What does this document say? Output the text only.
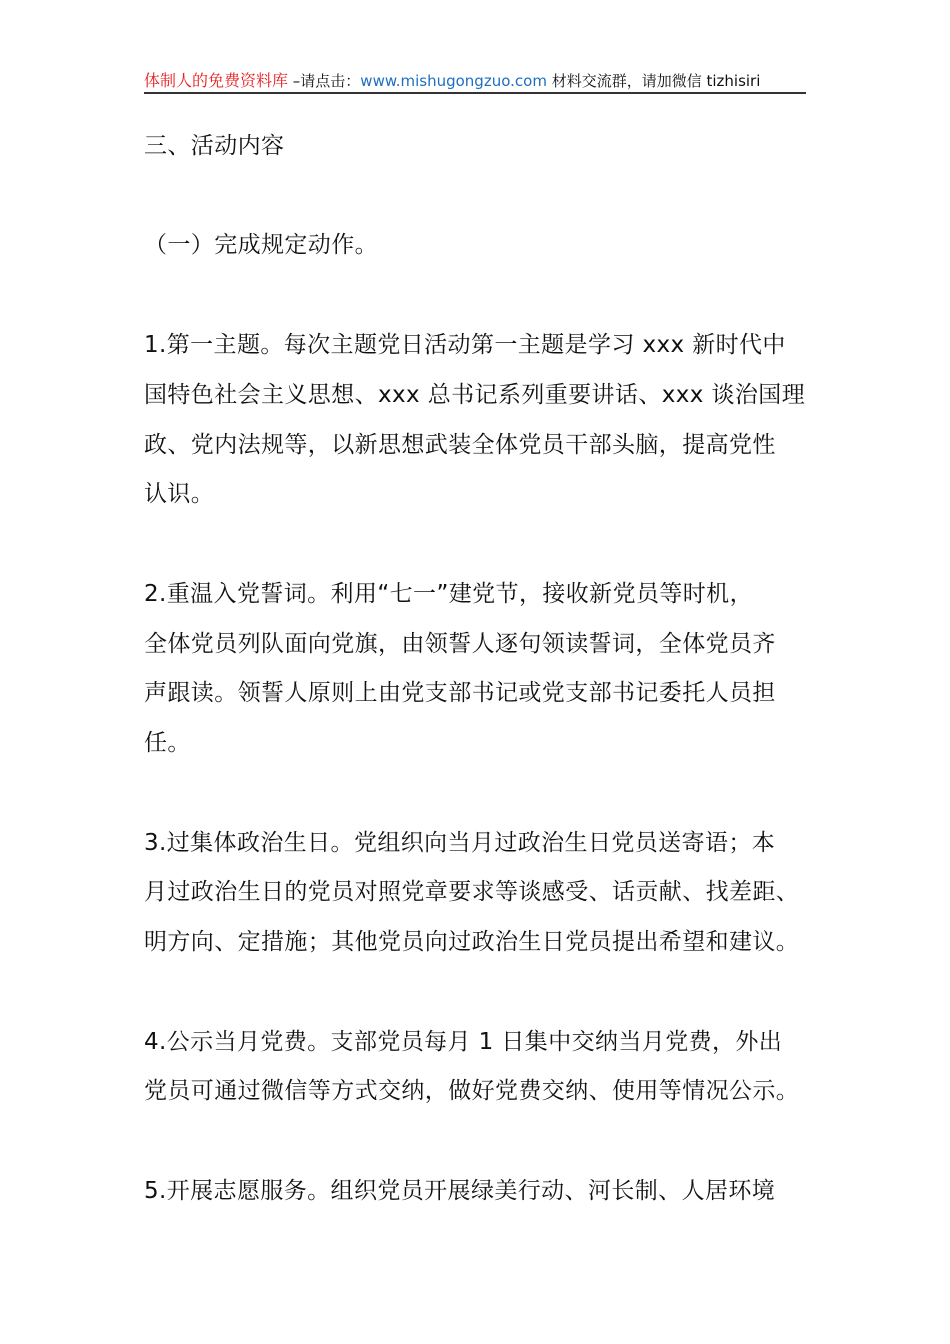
体制人的免费资料库 –请点击：www.mishugongzuo.com 材料交流群，请加微信 tizhisiri
三、活动内容
（一）完成规定动作。
1.第一主题。每次主题党日活动第一主题是学习 xxx 新时代中
国特色社会主义思想、xxx 总书记系列重要讲话、xxx 谈治国理
政、党内法规等，以新思想武装全体党员干部头脑，提高党性
认识。
2.重温入党誓词。利用“七一”建党节，接收新党员等时机，
全体党员列队面向党旗，由领誓人逐句领读誓词，全体党员齐
声跟读。领誓人原则上由党支部书记或党支部书记委托人员担
任。
3.过集体政治生日。党组织向当月过政治生日党员送寄语；本
月过政治生日的党员对照党章要求等谈感受、话贡献、找差距、
明方向、定措施；其他党员向过政治生日党员提出希望和建议。
4.公示当月党费。支部党员每月 1 日集中交纳当月党费，外出
党员可通过微信等方式交纳，做好党费交纳、使用等情况公示。
5.开展志愿服务。组织党员开展绿美行动、河长制、人居环境
